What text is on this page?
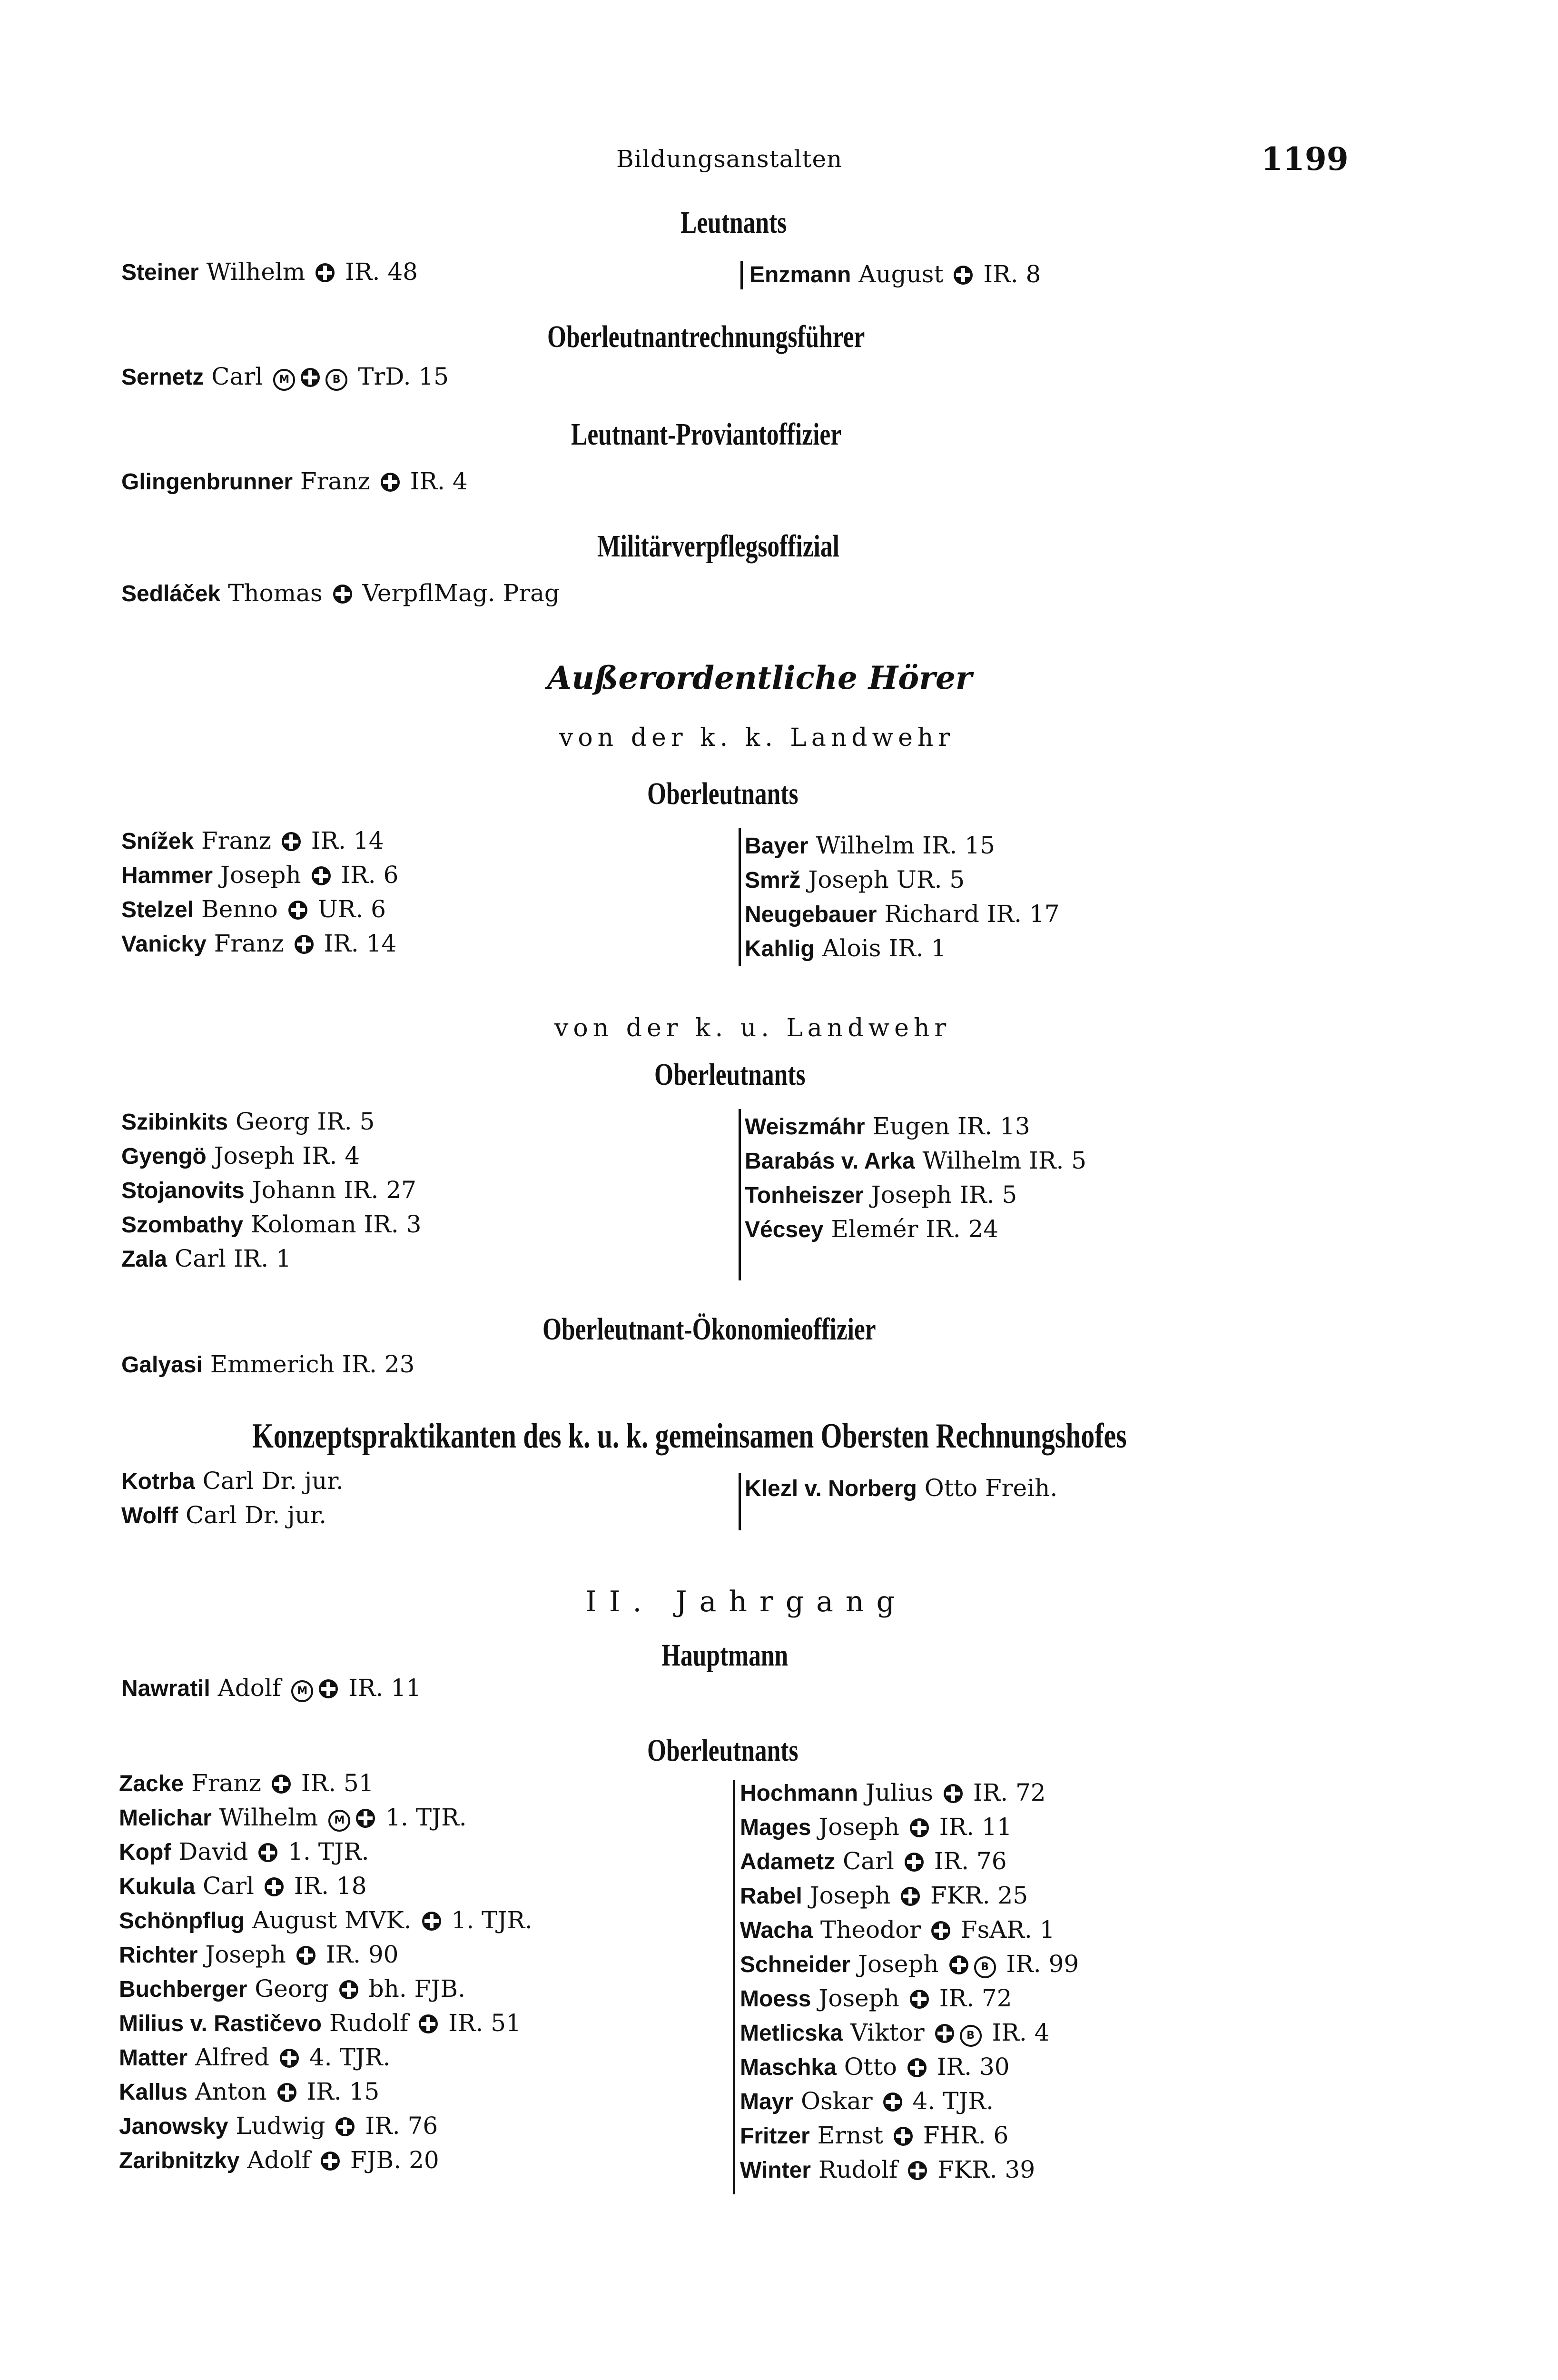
Bildungsanstalten	1199
Leutnants
Oberleutnantrechnungsführer
Leutnant-Proviantoffizier
Militärverpflegsoffizial
Außerordentliche Hörer
von der k. k. Landwehr
Oberleutnants
von der k. u. Landwehr
Oberleutnants
Oberleutnant-Ökonomieoffizier
Konzeptspraktikanten des k. u. k. gemeinsamen Obersten Rechnungshofes
II. Jahrgang
Hauptmann
Oberleutnants
Steiner Wilhelm  IR. 48	Enzmann August  IR. 8
Sernetz Carl M	B TrD. 15
Glingenbrunner Franz  IR. 4
Sedláček Thomas  VerpflMag. Prag
Snížek Franz  IR. 14
Hammer Joseph  IR. 6
Stelzel Benno  UR. 6
Vanicky Franz  IR. 14
Bayer Wilhelm IR. 15
Smrž Joseph UR. 5
Neugebauer Richard IR. 17
Kahlig Alois IR. 1
Szibinkits Georg IR. 5
Gyengö Joseph IR. 4
Stojanovits Johann IR. 27
Szombathy Koloman IR. 3
Zala Carl IR. 1
Weiszmáhr Eugen IR. 13
Barabás v. Arka Wilhelm IR. 5
Tonheiszer Joseph IR. 5
Vécsey Elemér IR. 24
Galyasi Emmerich IR. 23
Kotrba Carl Dr. jur.
Wolff Carl Dr. jur.
Klezl v. Norberg Otto Freih.
Nawratil Adolf M IR. 11
Zacke Franz  IR. 51
Melichar Wilhelm M 1. TJR.
Kopf David  1. TJR.
Kukula Carl  IR. 18
Schönpflug August MVK.  1. TJR.
Richter Joseph  IR. 90
Buchberger Georg  bh. FJB.
Milius v. Rastičevo Rudolf  IR. 51
Matter Alfred  4. TJR.
Kallus Anton  IR. 15
Janowsky Ludwig  IR. 76
Zaribnitzky Adolf  FJB. 20
Hochmann Julius  IR. 72
Mages Joseph  IR. 11
Adametz Carl  IR. 76
Rabel Joseph  FKR. 25
Wacha Theodor  FsAR. 1
Schneider Joseph	B IR. 99
Moess Joseph  IR. 72
Metlicska Viktor	B IR. 4
Maschka Otto  IR. 30
Mayr Oskar  4. TJR.
Fritzer Ernst  FHR. 6
Winter Rudolf  FKR. 39
